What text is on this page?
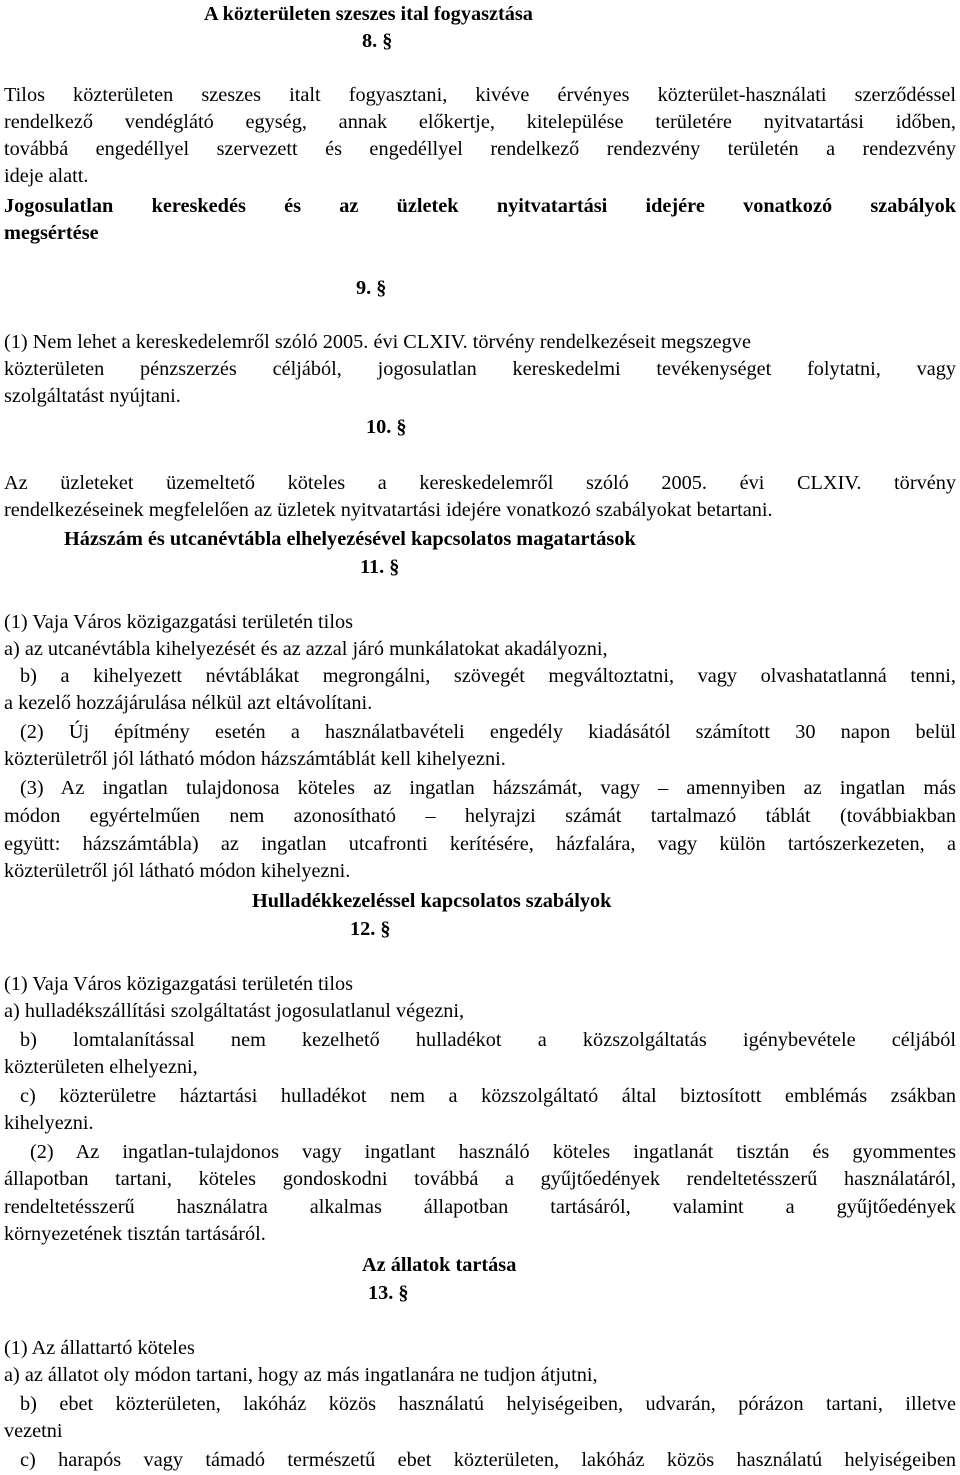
A közterületen szeszes ital fogyasztása
8. §
Tilos közterületen szeszes italt fogyasztani, kivéve érvényes közterület-használati szerződéssel
rendelkező vendéglátó egység, annak előkertje, kitelepülése területére nyitvatartási időben,
továbbá engedéllyel szervezett és engedéllyel rendelkező rendezvény területén a rendezvény
ideje alatt.
Jogosulatlan kereskedés és az üzletek nyitvatartási idejére vonatkozó szabályok
megsértése
9. §
(1) Nem lehet a kereskedelemről szóló 2005. évi CLXIV. törvény rendelkezéseit megszegve
közterületen pénzszerzés céljából, jogosulatlan kereskedelmi tevékenységet folytatni, vagy
szolgáltatást nyújtani.
10. §
Az üzleteket üzemeltető köteles a kereskedelemről szóló 2005. évi CLXIV. törvény
rendelkezéseinek megfelelően az üzletek nyitvatartási idejére vonatkozó szabályokat betartani.
Házszám és utcanévtábla elhelyezésével kapcsolatos magatartások
11. §
(1) Vaja Város közigazgatási területén tilos
a) az utcanévtábla kihelyezését és az azzal járó munkálatokat akadályozni,
b) a kihelyezett névtáblákat megrongálni, szövegét megváltoztatni, vagy olvashatatlanná tenni,
a kezelő hozzájárulása nélkül azt eltávolítani.
(2) Új építmény esetén a használatbavételi engedély kiadásától számított 30 napon belül
közterületről jól látható módon házszámtáblát kell kihelyezni.
(3) Az ingatlan tulajdonosa köteles az ingatlan házszámát, vagy – amennyiben az ingatlan más
módon egyértelműen nem azonosítható – helyrajzi számát tartalmazó táblát (továbbiakban
együtt: házszámtábla) az ingatlan utcafronti kerítésére, házfalára, vagy külön tartószerkezeten, a
közterületről jól látható módon kihelyezni.
Hulladékkezeléssel kapcsolatos szabályok
12. §
(1) Vaja Város közigazgatási területén tilos
a) hulladékszállítási szolgáltatást jogosulatlanul végezni,
b) lomtalanítással nem kezelhető hulladékot a közszolgáltatás igénybevétele céljából
közterületen elhelyezni,
c) közterületre háztartási hulladékot nem a közszolgáltató által biztosított emblémás zsákban
kihelyezni.
(2) Az ingatlan-tulajdonos vagy ingatlant használó köteles ingatlanát tisztán és gyommentes
állapotban tartani, köteles gondoskodni továbbá a gyűjtőedények rendeltetésszerű használatáról,
rendeltetésszerű használatra alkalmas állapotban tartásáról, valamint a gyűjtőedények
környezetének tisztán tartásáról.
Az állatok tartása
13. §
(1) Az állattartó köteles
a) az állatot oly módon tartani, hogy az más ingatlanára ne tudjon átjutni,
b) ebet közterületen, lakóház közös használatú helyiségeiben, udvarán, pórázon tartani, illetve
vezetni
c) harapós vagy támadó természetű ebet közterületen, lakóház közös használatú helyiségeiben
